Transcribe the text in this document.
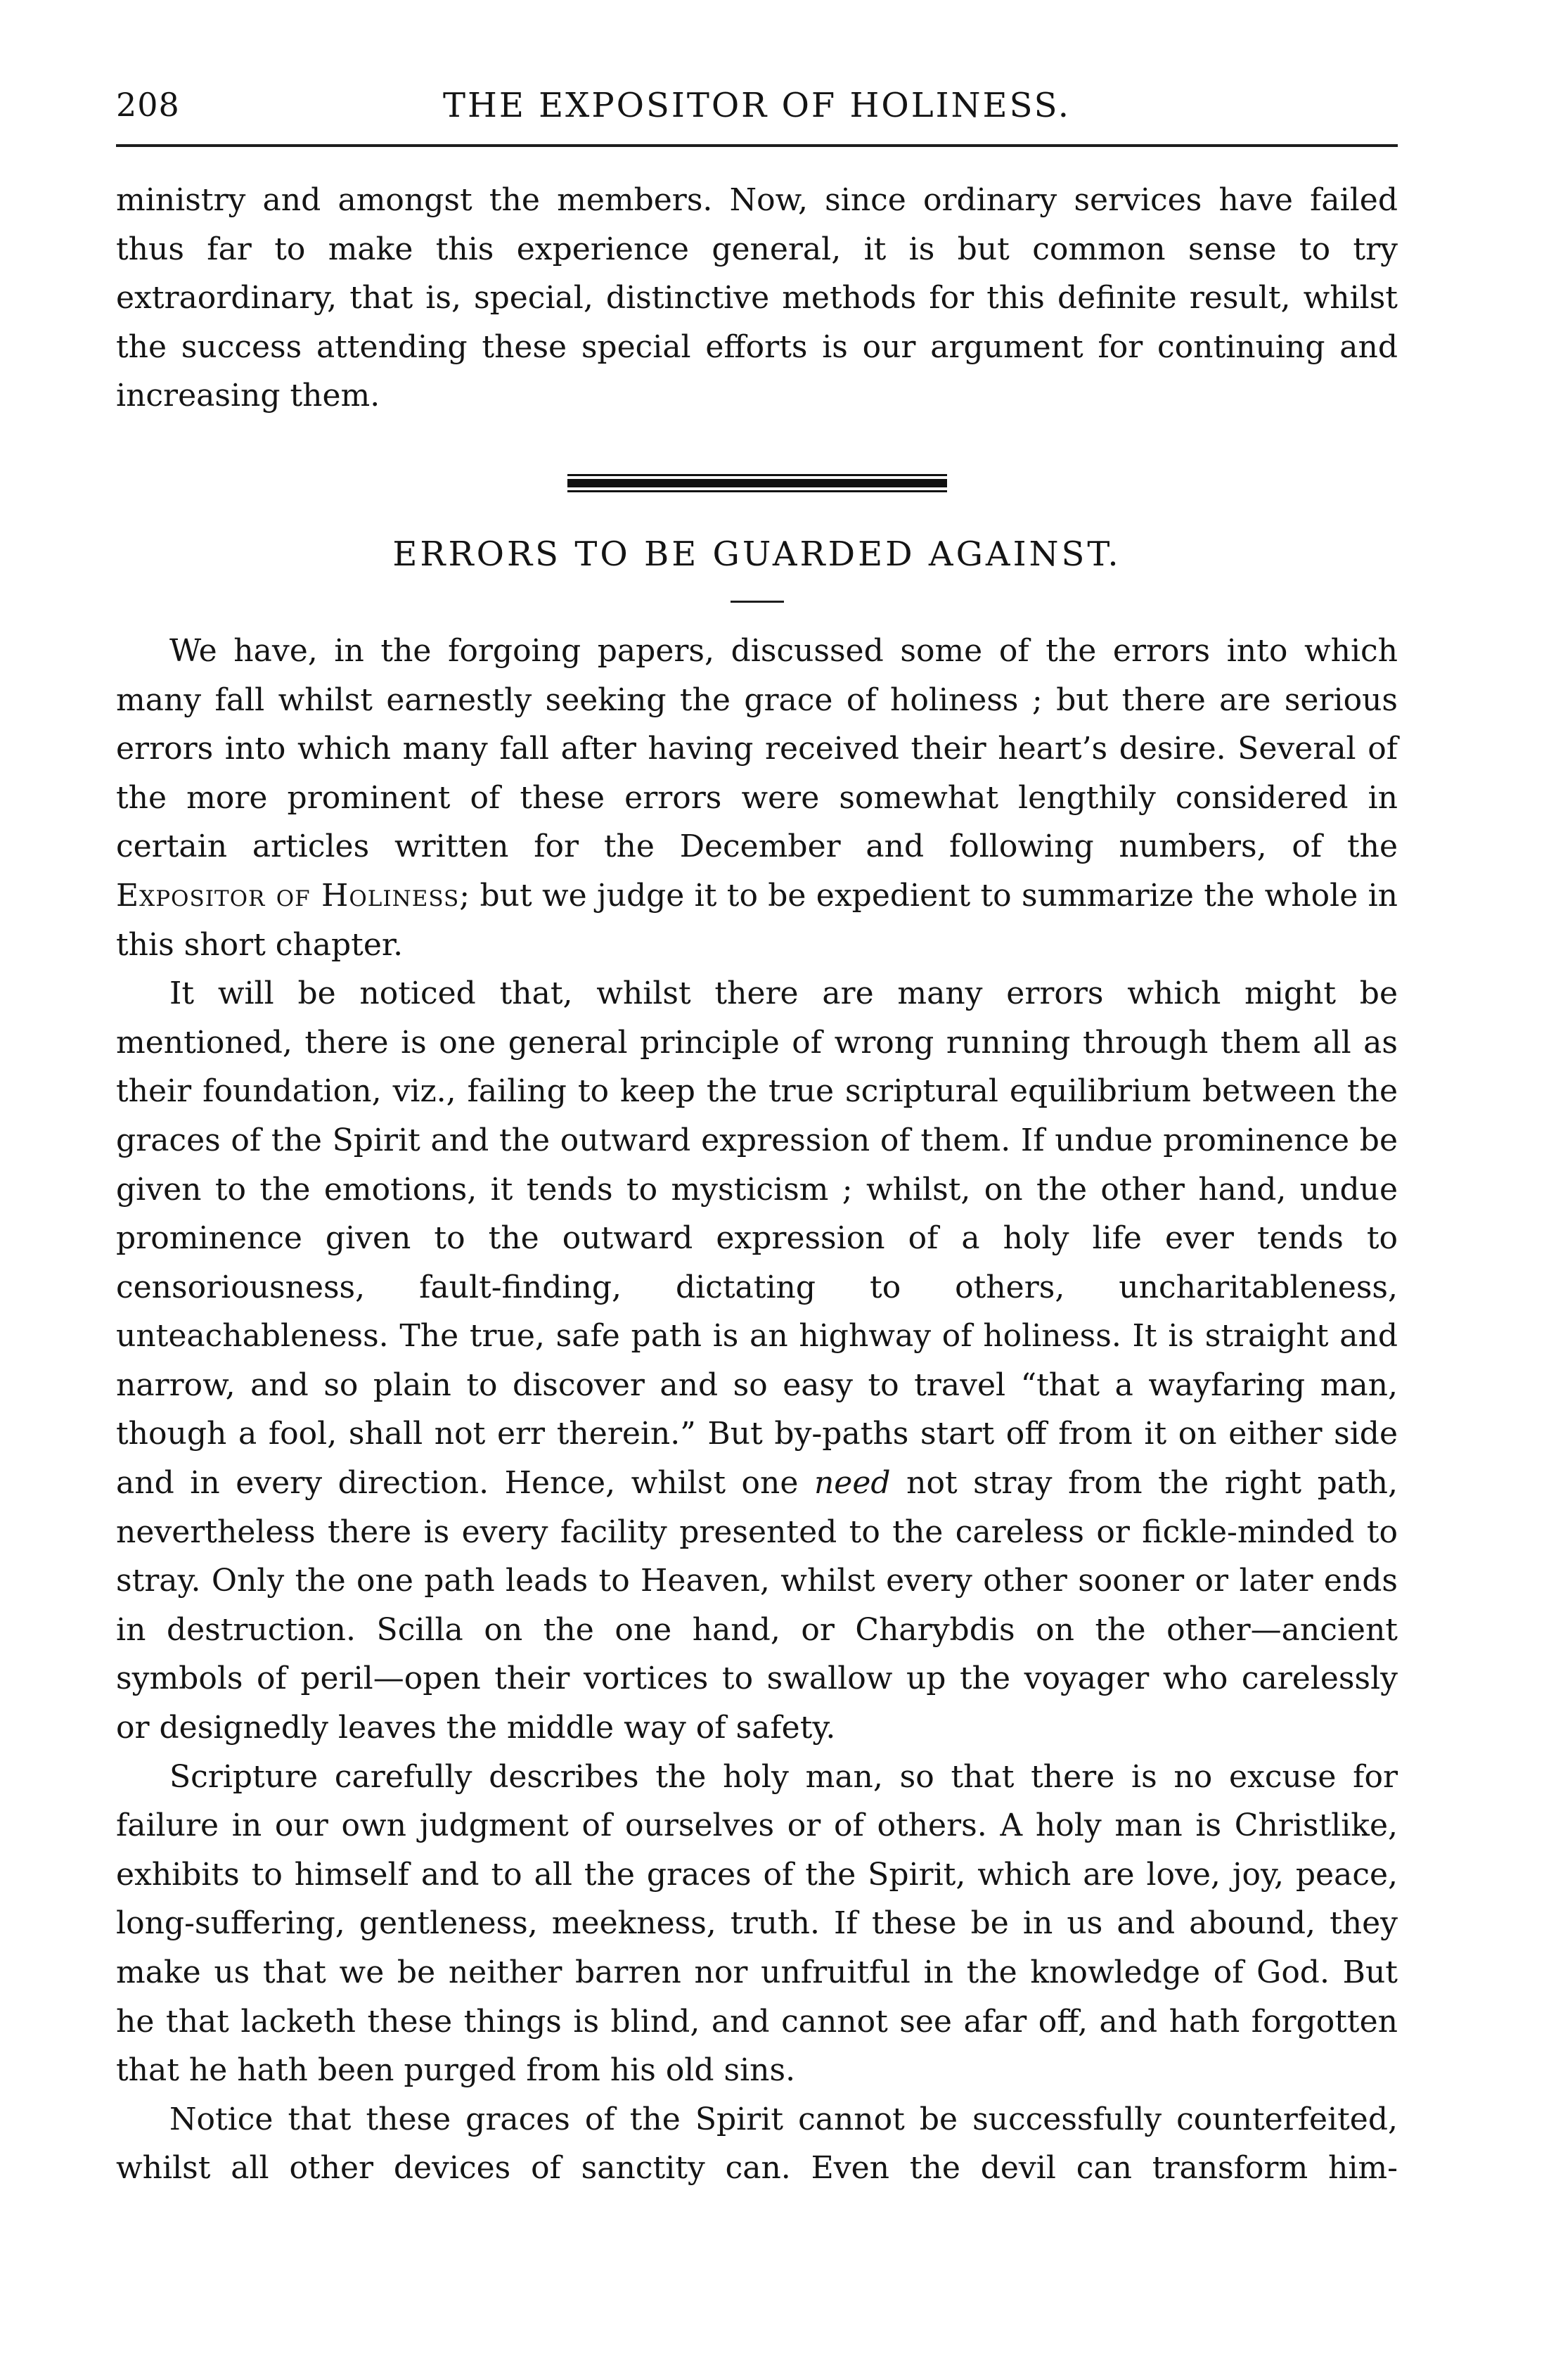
208	THE EXPOSITOR OF HOLINESS.

ministry and amongst the members. Now, since ordinary services have failed thus far to make this experience general, it is but common sense to try extraordinary, that is, special, distinctive methods for this definite result, whilst the success attending these special efforts is our argument for continuing and increasing them.

ERRORS TO BE GUARDED AGAINST.

We have, in the forgoing papers, discussed some of the errors into which many fall whilst earnestly seeking the grace of holiness ; but there are serious errors into which many fall after having received their heart’s desire. Several of the more prominent of these errors were somewhat lengthily considered in certain articles written for the December and following numbers, of the Expositor of Holiness; but we judge it to be expedient to summarize the whole in this short chapter.

It will be noticed that, whilst there are many errors which might be mentioned, there is one general principle of wrong running through them all as their foundation, viz., failing to keep the true scriptural equilibrium between the graces of the Spirit and the outward expression of them. If undue prominence be given to the emotions, it tends to mysticism ; whilst, on the other hand, undue prominence given to the outward expression of a holy life ever tends to censoriousness, fault-finding, dictating to others, uncharitableness, unteachableness. The true, safe path is an highway of holiness. It is straight and narrow, and so plain to discover and so easy to travel “that a wayfaring man, though a fool, shall not err therein.” But by-paths start off from it on either side and in every direction. Hence, whilst one need not stray from the right path, nevertheless there is every facility presented to the careless or fickle-minded to stray. Only the one path leads to Heaven, whilst every other sooner or later ends in destruction. Scilla on the one hand, or Charybdis on the other—ancient symbols of peril—open their vortices to swallow up the voyager who carelessly or designedly leaves the middle way of safety.

Scripture carefully describes the holy man, so that there is no excuse for failure in our own judgment of ourselves or of others. A holy man is Christlike, exhibits to himself and to all the graces of the Spirit, which are love, joy, peace, long-suffering, gentleness, meekness, truth. If these be in us and abound, they make us that we be neither barren nor unfruitful in the knowledge of God. But he that lacketh these things is blind, and cannot see afar off, and hath forgotten that he hath been purged from his old sins.

Notice that these graces of the Spirit cannot be successfully counterfeited, whilst all other devices of sanctity can. Even the devil can transform him-
